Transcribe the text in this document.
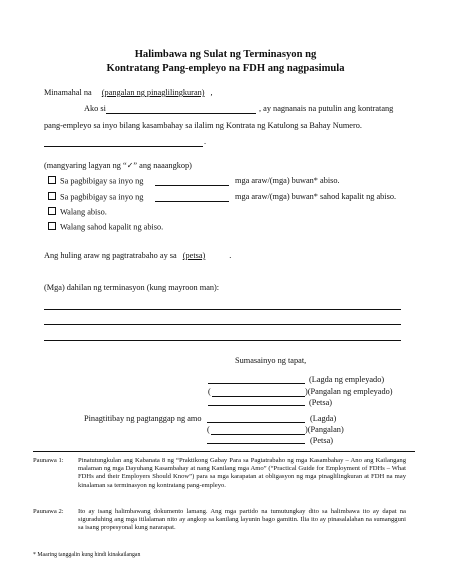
Halimbawa ng Sulat ng Terminasyon ng
Kontratang Pang-empleyo na FDH ang nagpasimula
Minamahal na (pangalan ng pinaglilingkuran) ,
Ako si	, ay nagnanais na putulin ang kontratang
pang-empleyo sa inyo bilang kasambahay sa ilalim ng Kontrata ng Katulong sa Bahay Numero.
.
(mangyaring lagyan ng “✓” ang naaangkop)
Sa pagbibigay sa inyo ng	mga araw/(mga) buwan* abiso.
Sa pagbibigay sa inyo ng	mga araw/(mga) buwan* sahod kapalit ng abiso.
Walang abiso.
Walang sahod kapalit ng abiso.
Ang huling araw ng pagtratrabaho ay sa (petsa)	.
(Mga) dahilan ng terminasyon (kung mayroon man):
Sumasainyo ng tapat,
(Lagda ng empleyado)
(	)(Pangalan ng empleyado)
(Petsa)
Pinagtitibay ng pagtanggap ng amo	(Lagda)
(	)(Pangalan)
(Petsa)
Paunawa 1:	Pinatutungkulan ang Kabanata 8 ng “Praktikong Gabay Para sa Pagtatrabaho ng mga Kasambahay – Ano ang Kailangang malaman ng mga Dayuhang Kasambahay at nang Kanilang mga Amo” (“Practical Guide for Employment of FDHs – What FDHs and their Employers Should Know”) para sa mga karapatan at obligasyon ng mga pinaglilingkuran at FDH na may kinalaman sa terminasyon ng kontratang pang-empleyo.
Paunawa 2:	Ito ay isang halimbawang dokumento lamang. Ang mga partido na tumutungkay dito sa halimbawa ito ay dapat na siguraduhing ang mga itilalaman nito ay angkop sa kanilang layunin bago gamitin. Ilia ito ay pinasalalahan na sumangguni sa isang propesyonal kung nararapat.
* Maaring tanggalin kung hindi kinakailangan
